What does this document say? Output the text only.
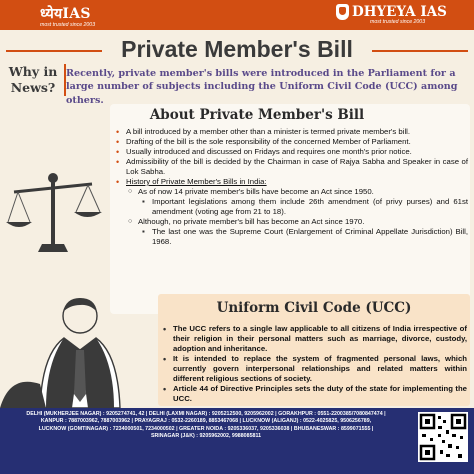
ध्येयIAS
most trusted since 2003
DHYEYA IAS
most trusted since 2003
Private Member's Bill
Why in
News?
Recently, private member's bills were introduced in the Parliament for a large number of subjects including the Uniform Civil Code (UCC) among others.
About Private Member's Bill
• A bill introduced by a member other than a minister is termed private member's bill.
• Drafting of the bill is the sole responsibility of the concerned Member of Parliament.
• Usually introduced and discussed on Fridays and requires one month's prior notice.
• Admissibility of the bill is decided by the Chairman in case of Rajya Sabha and Speaker in case of Lok Sabha.
• History of Private Member's Bills in India:
○ As of now 14 private member's bills have become an Act since 1950.
▪ Important legislations among them include 26th amendment (of privy purses) and 61st amendment (voting age from 21 to 18).
○ Although, no private member's bill has become an Act since 1970.
▪ The last one was the Supreme Court (Enlargement of Criminal Appellate Jurisdiction) Bill, 1968.
Uniform Civil Code (UCC)
• The UCC refers to a single law applicable to all citizens of India irrespective of their religion in their personal matters such as marriage, divorce, custody, adoption and inheritance.
• It is intended to replace the system of fragmented personal laws, which currently govern interpersonal relationships and related matters within different religious sections of society.
• Article 44 of Directive Principles sets the duty of the state for implementing the UCC.
DELHI (MUKHERJEE NAGAR) : 9205274741, 42 | DELHI (LAXMI NAGAR) : 9205212500, 9205962002 | GORAKHPUR : 0551-2200385/7080847474 |
KANPUR : 7887003962, 7887003962 | PRAYAGRAJ : 0532-2260189, 8853467068 | LUCKNOW (ALIGANJ) : 0522-4025825, 9506256789,
LUCKNOW (GOMTINAGAR) : 7234000501, 7234000502 | GREATER NOIDA : 9205336037, 9205336038 | BHUBANESWAR : 8599071555 |
SRINAGAR (J&K) : 9205962002, 9988085811
